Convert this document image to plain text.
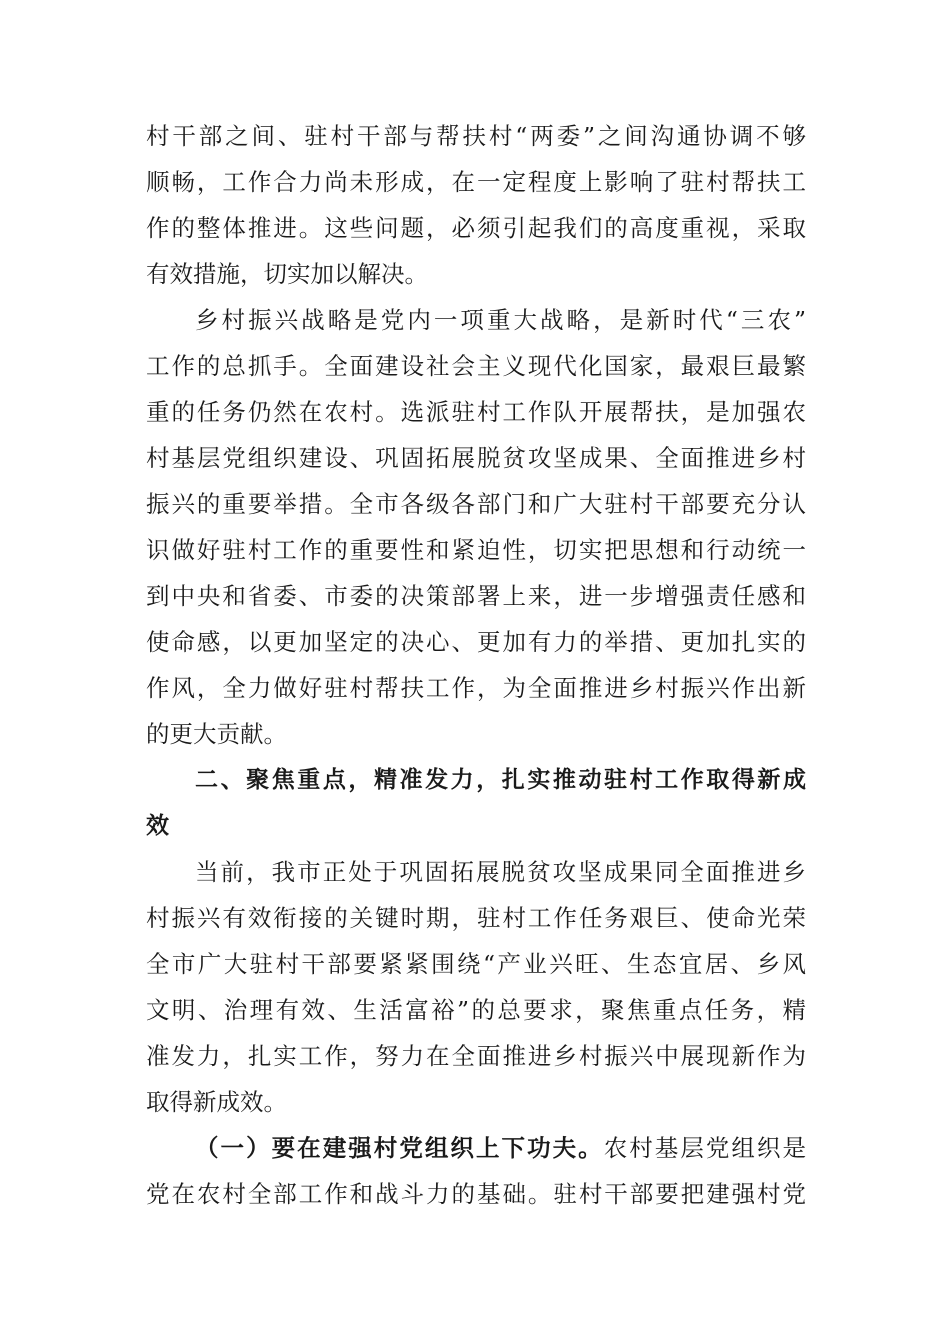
村干部之间、驻村干部与帮扶村“两委”之间沟通协调不够
顺畅，工作合力尚未形成，在一定程度上影响了驻村帮扶工
作的整体推进。这些问题，必须引起我们的高度重视，采取
有效措施，切实加以解决。
乡村振兴战略是党内一项重大战略，是新时代“三农”
工作的总抓手。全面建设社会主义现代化国家，最艰巨最繁
重的任务仍然在农村。选派驻村工作队开展帮扶，是加强农
村基层党组织建设、巩固拓展脱贫攻坚成果、全面推进乡村
振兴的重要举措。全市各级各部门和广大驻村干部要充分认
识做好驻村工作的重要性和紧迫性，切实把思想和行动统一
到中央和省委、市委的决策部署上来，进一步增强责任感和
使命感，以更加坚定的决心、更加有力的举措、更加扎实的
作风，全力做好驻村帮扶工作，为全面推进乡村振兴作出新
的更大贡献。
二、聚焦重点，精准发力，扎实推动驻村工作取得新成
效
当前，我市正处于巩固拓展脱贫攻坚成果同全面推进乡
村振兴有效衔接的关键时期，驻村工作任务艰巨、使命光荣
全市广大驻村干部要紧紧围绕“产业兴旺、生态宜居、乡风
文明、治理有效、生活富裕”的总要求，聚焦重点任务，精
准发力，扎实工作，努力在全面推进乡村振兴中展现新作为
取得新成效。
（一）要在建强村党组织上下功夫。农村基层党组织是
党在农村全部工作和战斗力的基础。驻村干部要把建强村党
